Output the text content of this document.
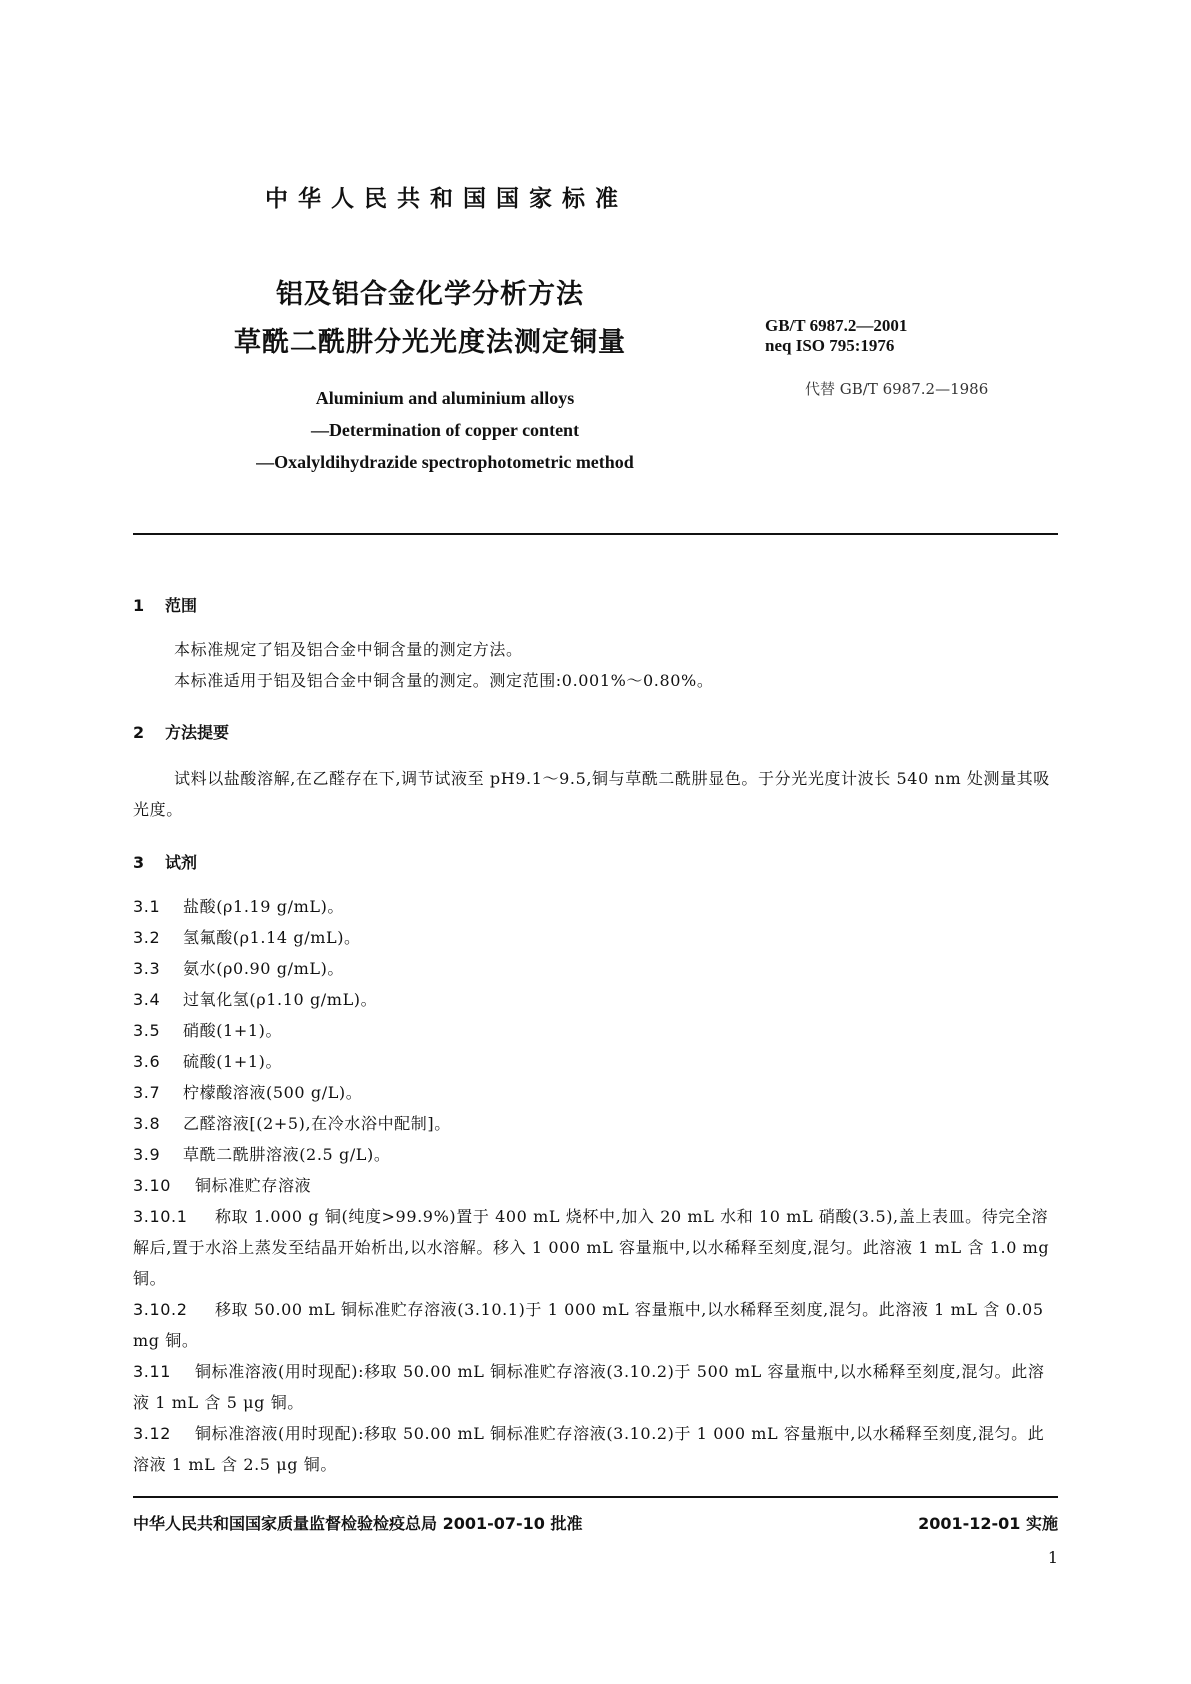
中华人民共和国国家标准
铝及铝合金化学分析方法
草酰二酰肼分光光度法测定铜量
GB/T 6987.2—2001
neq ISO 795:1976
代替 GB/T 6987.2—1986
Aluminium and aluminium alloys
—Determination of copper content
—Oxalyldihydrazide spectrophotometric method
1 范围
本标准规定了铝及铝合金中铜含量的测定方法。
本标准适用于铝及铝合金中铜含量的测定。测定范围:0.001%～0.80%。
2 方法提要
试料以盐酸溶解,在乙醛存在下,调节试液至 pH9.1～9.5,铜与草酰二酰肼显色。于分光光度计波长 540 nm 处测量其吸光度。
3 试剂
3.1 盐酸(ρ1.19 g/mL)。
3.2 氢氟酸(ρ1.14 g/mL)。
3.3 氨水(ρ0.90 g/mL)。
3.4 过氧化氢(ρ1.10 g/mL)。
3.5 硝酸(1+1)。
3.6 硫酸(1+1)。
3.7 柠檬酸溶液(500 g/L)。
3.8 乙醛溶液[(2+5),在冷水浴中配制]。
3.9 草酰二酰肼溶液(2.5 g/L)。
3.10 铜标准贮存溶液
3.10.1 称取 1.000 g 铜(纯度>99.9%)置于 400 mL 烧杯中,加入 20 mL 水和 10 mL 硝酸(3.5),盖上表皿。待完全溶解后,置于水浴上蒸发至结晶开始析出,以水溶解。移入 1 000 mL 容量瓶中,以水稀释至刻度,混匀。此溶液 1 mL 含 1.0 mg 铜。
3.10.2 移取 50.00 mL 铜标准贮存溶液(3.10.1)于 1 000 mL 容量瓶中,以水稀释至刻度,混匀。此溶液 1 mL 含 0.05 mg 铜。
3.11 铜标准溶液(用时现配):移取 50.00 mL 铜标准贮存溶液(3.10.2)于 500 mL 容量瓶中,以水稀释至刻度,混匀。此溶液 1 mL 含 5 μg 铜。
3.12 铜标准溶液(用时现配):移取 50.00 mL 铜标准贮存溶液(3.10.2)于 1 000 mL 容量瓶中,以水稀释至刻度,混匀。此溶液 1 mL 含 2.5 μg 铜。
中华人民共和国国家质量监督检验检疫总局 2001-07-10 批准	2001-12-01 实施
1
